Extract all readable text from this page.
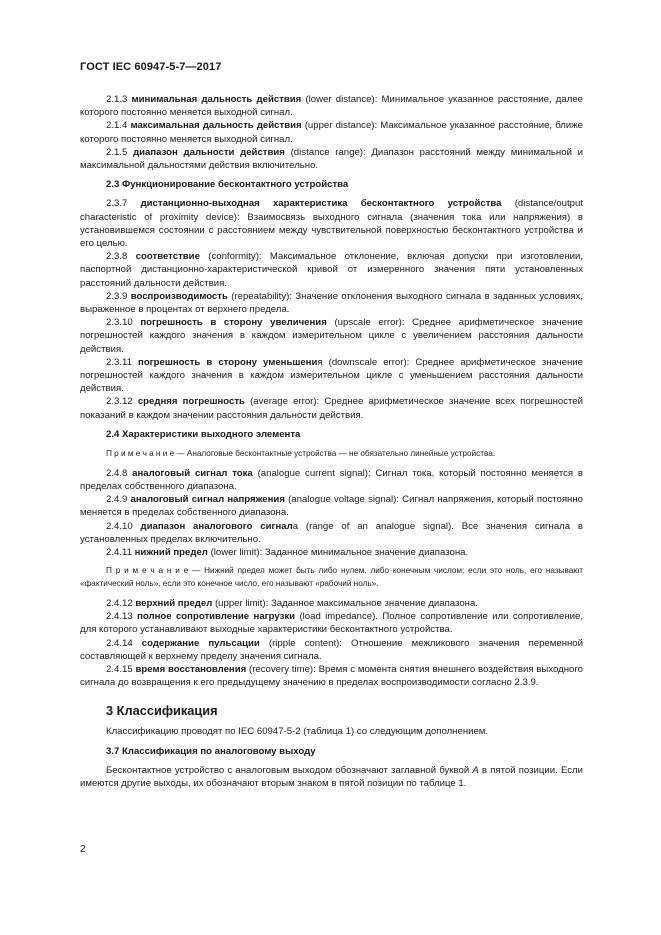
ГОСТ IEC 60947-5-7—2017

2.1.3 минимальная дальность действия (lower distance): Минимальное указанное расстояние, далее которого постоянно меняется выходной сигнал.

2.1.4 максимальная дальность действия (upper distance): Максимальное указанное расстояние, ближе которого постоянно меняется выходной сигнал.

2.1.5 диапазон дальности действия (distance range): Диапазон расстояний между минимальной и максимальной дальностями действия включительно.

2.3 Функционирование бесконтактного устройства

2.3.7 дистанционно-выходная характеристика бесконтактного устройства (distance/output characteristic of proximity device): Взаимосвязь выходного сигнала (значения тока или напряжения) в установившемся состоянии с расстоянием между чувствительной поверхностью бесконтактного устройства и его целью.

2.3.8 соответствие (conformity): Максимальное отклонение, включая допуски при изготовлении, паспортной дистанционно-характеристической кривой от измеренного значения пяти установленных расстояний дальности действия.

2.3.9 воспроизводимость (repeatability): Значение отклонения выходного сигнала в заданных условиях, выраженное в процентах от верхнего предела.

2.3.10 погрешность в сторону увеличения (upscale error): Среднее арифметическое значение погрешностей каждого значения в каждом измерительном цикле с увеличением расстояния дальности действия.

2.3.11 погрешность в сторону уменьшения (downscale error): Среднее арифметическое значение погрешностей каждого значения в каждом измерительном цикле с уменьшением расстояния дальности действия.

2.3.12 средняя погрешность (average error): Среднее арифметическое значение всех погрешностей показаний в каждом значении расстояния дальности действия.

2.4 Характеристики выходного элемента

П р и м е ч а н и е — Аналоговые бесконтактные устройства — не обязательно линейные устройства.

2.4.8 аналоговый сигнал тока (analogue current signal): Сигнал тока, который постоянно меняется в пределах собственного диапазона.

2.4.9 аналоговый сигнал напряжения (analogue voltage signal): Сигнал напряжения, который постоянно меняется в пределах собственного диапазона.

2.4.10 диапазон аналогового сигнала (range of an analogue signal). Все значения сигнала в установленных пределах включительно.

2.4.11 нижний предел (lower limit): Заданное минимальное значение диапазона.

П р и м е ч а н и е — Нижний предел может быть либо нулем, либо конечным числом; если это ноль, его называют «фактический ноль», если это конечное число, его называют «рабочий ноль».

2.4.12 верхний предел (upper limit): Заданное максимальное значение диапазона.

2.4.13 полное сопротивление нагрузки (load impedance). Полное сопротивление или сопротивление, для которого устанавливают выходные характеристики бесконтактного устройства.

2.4.14 содержание пульсации (ripple content): Отношение межликового значения переменной составляющей к верхнему пределу значения сигнала.

2.4.15 время восстановления (recovery time): Время с момента снятия внешнего воздействия выходного сигнала до возвращения к его предыдущему значению в пределах воспроизводимости согласно 2.3.9.

3 Классификация

Классификацию проводят по IEC 60947-5-2 (таблица 1) со следующим дополнением.

3.7 Классификация по аналоговому выходу

Бесконтактное устройство с аналоговым выходом обозначают заглавной буквой A в пятой позиции. Если имеются другие выходы, их обозначают вторым знаком в пятой позиции по таблице 1.

2
